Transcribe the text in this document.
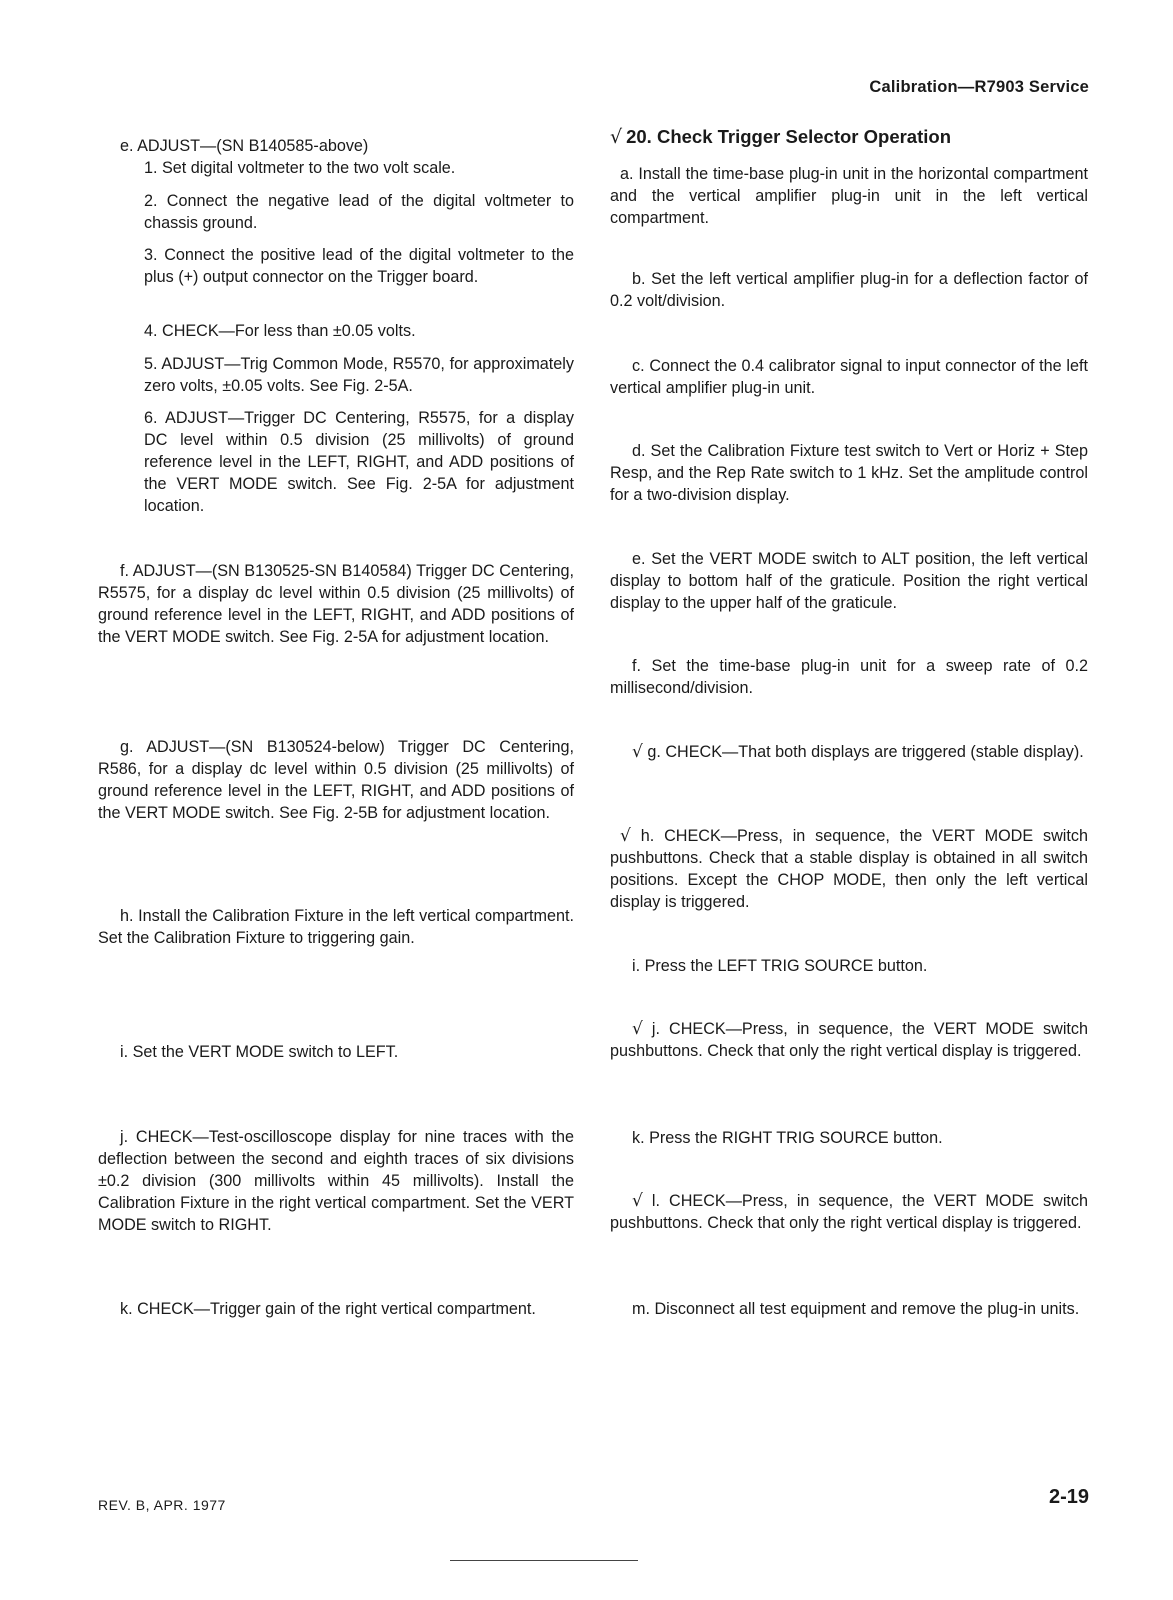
Calibration—R7903 Service
e. ADJUST—(SN B140585-above)
1. Set digital voltmeter to the two volt scale.
2. Connect the negative lead of the digital voltmeter to chassis ground.
3. Connect the positive lead of the digital voltmeter to the plus (+) output connector on the Trigger board.
4. CHECK—For less than ±0.05 volts.
5. ADJUST—Trig Common Mode, R5570, for approximately zero volts, ±0.05 volts. See Fig. 2-5A.
6. ADJUST—Trigger DC Centering, R5575, for a display DC level within 0.5 division (25 millivolts) of ground reference level in the LEFT, RIGHT, and ADD positions of the VERT MODE switch. See Fig. 2-5A for adjustment location.
f. ADJUST—(SN B130525-SN B140584) Trigger DC Centering, R5575, for a display dc level within 0.5 division (25 millivolts) of ground reference level in the LEFT, RIGHT, and ADD positions of the VERT MODE switch. See Fig. 2-5A for adjustment location.
g. ADJUST—(SN B130524-below) Trigger DC Centering, R586, for a display dc level within 0.5 division (25 millivolts) of ground reference level in the LEFT, RIGHT, and ADD positions of the VERT MODE switch. See Fig. 2-5B for adjustment location.
h. Install the Calibration Fixture in the left vertical compartment. Set the Calibration Fixture to triggering gain.
i. Set the VERT MODE switch to LEFT.
j. CHECK—Test-oscilloscope display for nine traces with the deflection between the second and eighth traces of six divisions ±0.2 division (300 millivolts within 45 millivolts). Install the Calibration Fixture in the right vertical compartment. Set the VERT MODE switch to RIGHT.
k. CHECK—Trigger gain of the right vertical compartment.
√ 20. Check Trigger Selector Operation
a. Install the time-base plug-in unit in the horizontal compartment and the vertical amplifier plug-in unit in the left vertical compartment.
b. Set the left vertical amplifier plug-in for a deflection factor of 0.2 volt/division.
c. Connect the 0.4 calibrator signal to input connector of the left vertical amplifier plug-in unit.
d. Set the Calibration Fixture test switch to Vert or Horiz + Step Resp, and the Rep Rate switch to 1 kHz. Set the amplitude control for a two-division display.
e. Set the VERT MODE switch to ALT position, the left vertical display to bottom half of the graticule. Position the right vertical display to the upper half of the graticule.
f. Set the time-base plug-in unit for a sweep rate of 0.2 millisecond/division.
√ g. CHECK—That both displays are triggered (stable display).
√ h. CHECK—Press, in sequence, the VERT MODE switch pushbuttons. Check that a stable display is obtained in all switch positions. Except the CHOP MODE, then only the left vertical display is triggered.
i. Press the LEFT TRIG SOURCE button.
√ j. CHECK—Press, in sequence, the VERT MODE switch pushbuttons. Check that only the right vertical display is triggered.
k. Press the RIGHT TRIG SOURCE button.
√ l. CHECK—Press, in sequence, the VERT MODE switch pushbuttons. Check that only the right vertical display is triggered.
m. Disconnect all test equipment and remove the plug-in units.
REV. B, APR. 1977	2-19
